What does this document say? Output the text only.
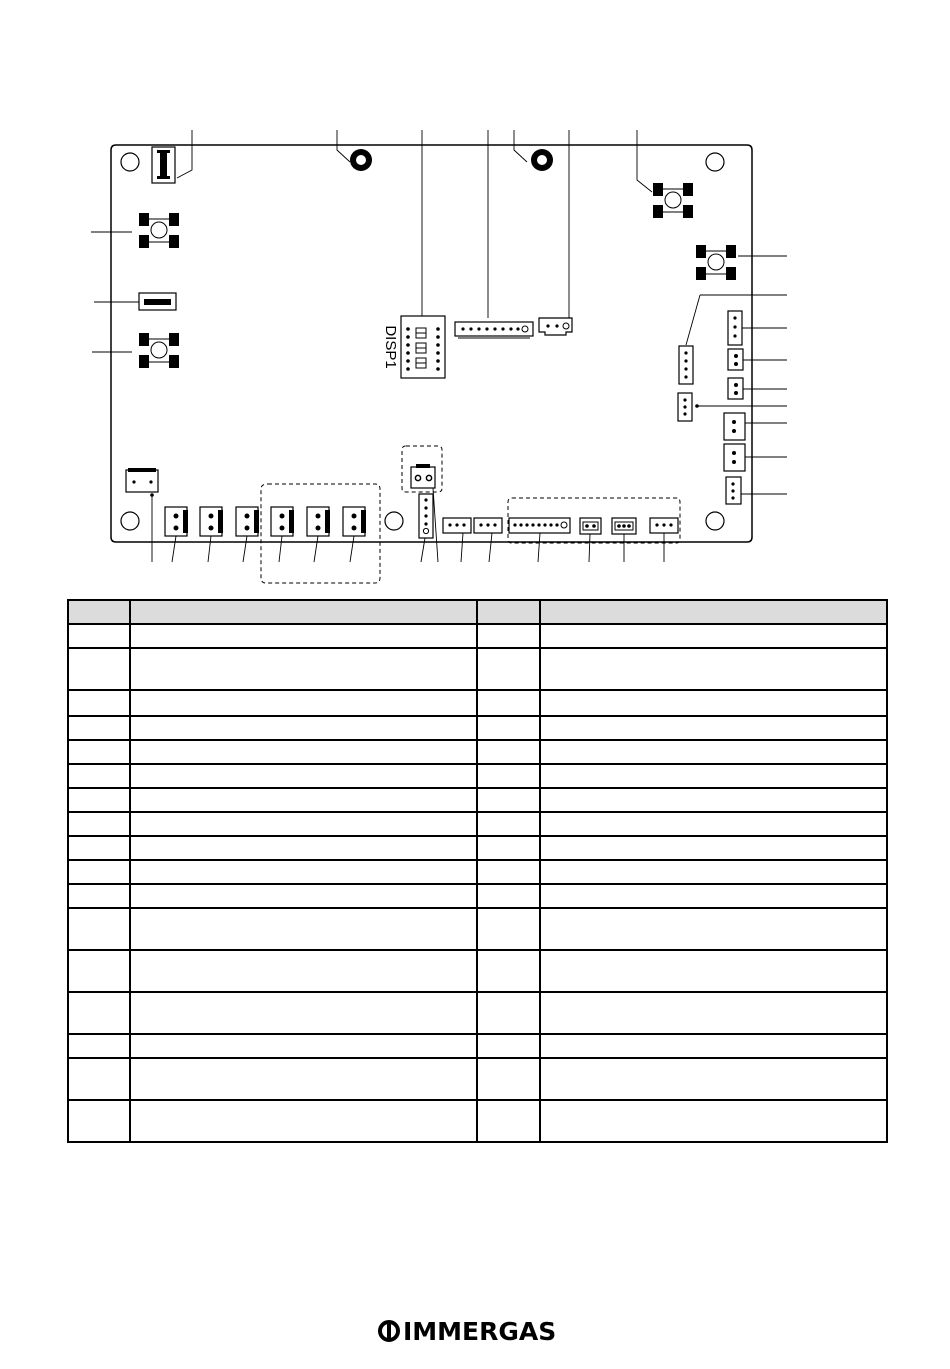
DISP1

IMMERGAS
